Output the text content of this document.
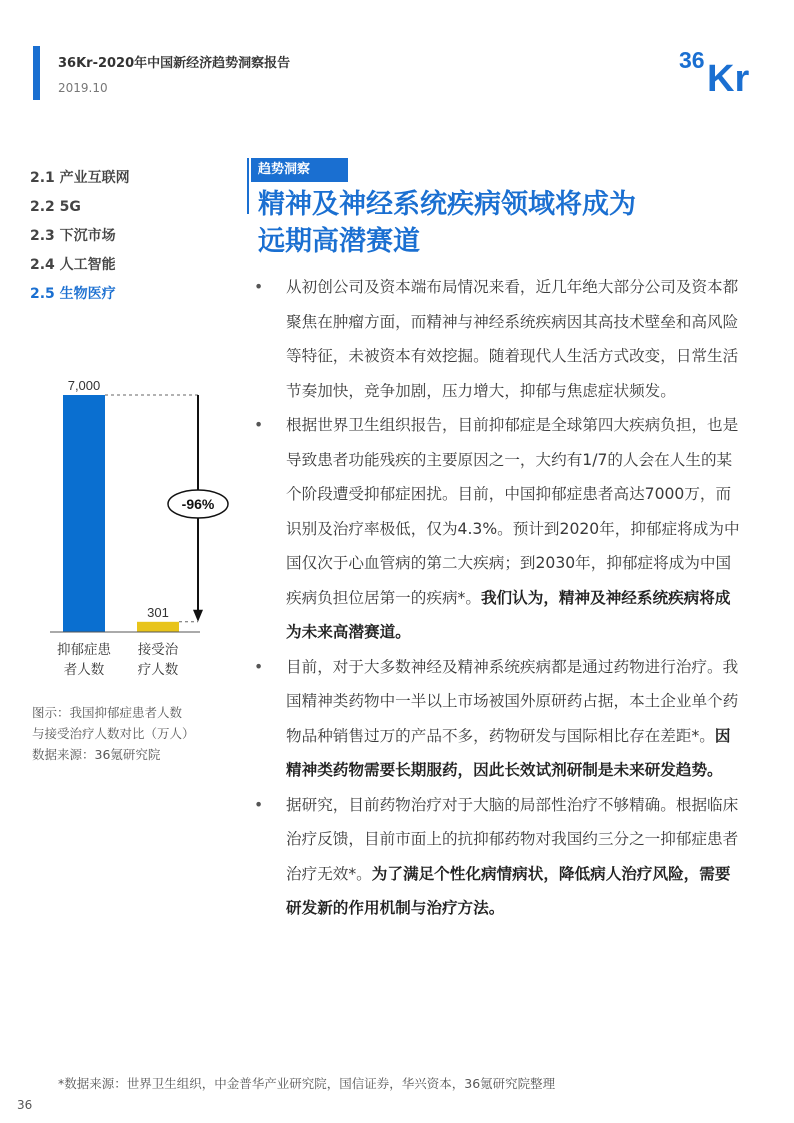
36Kr-2020年中国新经济趋势洞察报告
2019.10
36 Kr
2.1 产业互联网
2.2 5G
2.3 下沉市场
2.4 人工智能
2.5 生物医疗
趋势洞察
精神及神经系统疾病领域将成为
远期高潜赛道
• 从初创公司及资本端布局情况来看，近几年绝大部分公司及资本都聚焦在肿瘤方面，而精神与神经系统疾病因其高技术壁垒和高风险等特征，未被资本有效挖掘。随着现代人生活方式改变，日常生活节奏加快，竞争加剧，压力增大，抑郁与焦虑症状频发。
• 根据世界卫生组织报告，目前抑郁症是全球第四大疾病负担，也是导致患者功能残疾的主要原因之一，大约有1/7的人会在人生的某个阶段遭受抑郁症困扰。目前，中国抑郁症患者高达7000万，而识别及治疗率极低，仅为4.3%。预计到2020年，抑郁症将成为中国仅次于心血管病的第二大疾病；到2030年，抑郁症将成为中国疾病负担位居第一的疾病*。我们认为，精神及神经系统疾病将成为未来高潜赛道。
• 目前，对于大多数神经及精神系统疾病都是通过药物进行治疗。我国精神类药物中一半以上市场被国外原研药占据，本土企业单个药物品种销售过万的产品不多，药物研发与国际相比存在差距*。因精神类药物需要长期服药，因此长效试剂研制是未来研发趋势。
• 据研究，目前药物治疗对于大脑的局部性治疗不够精确。根据临床治疗反馈，目前市面上的抗抑郁药物对我国约三分之一抑郁症患者治疗无效*。为了满足个性化病情病状，降低病人治疗风险，需要研发新的作用机制与治疗方法。
7,000
抑郁症患
者人数
301
接受治
疗人数
-96%
图示：我国抑郁症患者人数
与接受治疗人数对比（万人）
数据来源：36氪研究院
*数据来源：世界卫生组织，中金普华产业研究院，国信证券，华兴资本，36氪研究院整理
36
